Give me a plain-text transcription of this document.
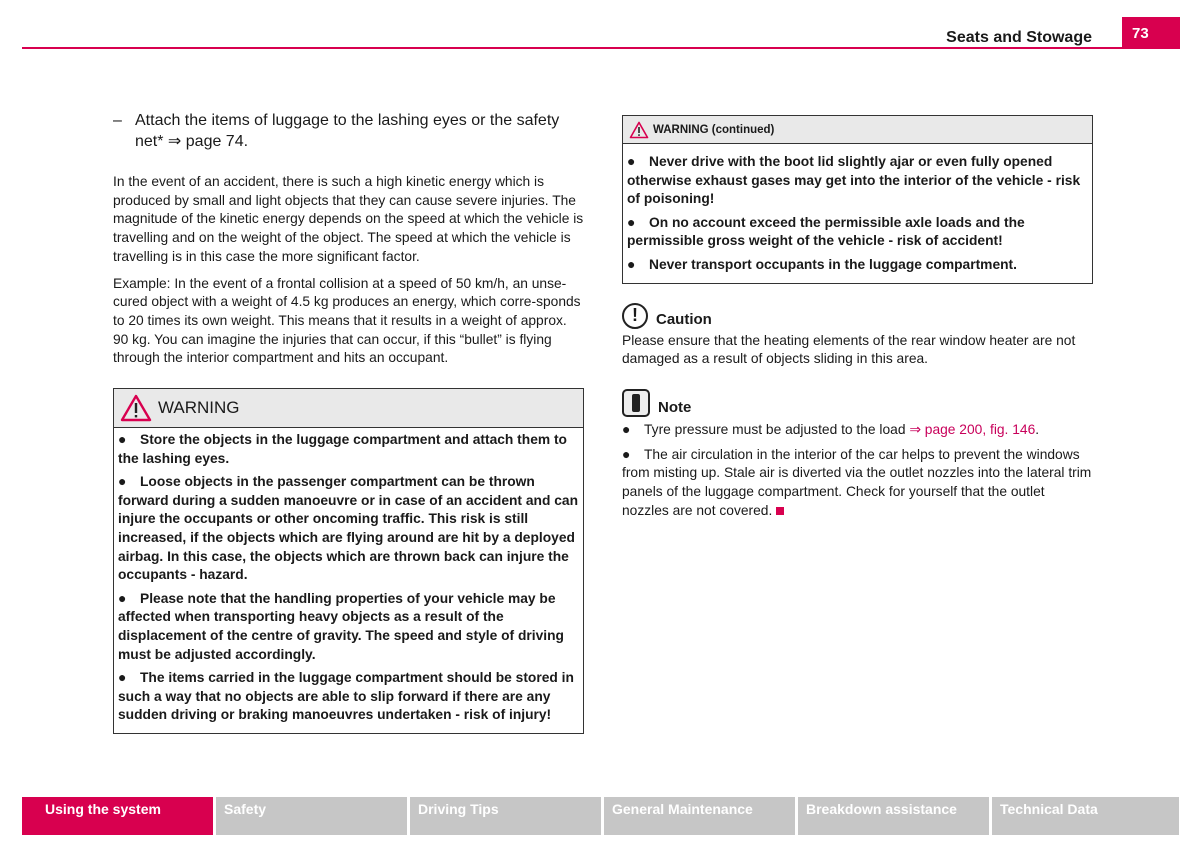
Seats and Stowage	73
– Attach the items of luggage to the lashing eyes or the safety net* ⇒ page 74.

In the event of an accident, there is such a high kinetic energy which is produced by small and light objects that they can cause severe injuries. The magnitude of the kinetic energy depends on the speed at which the vehicle is travelling and on the weight of the object. The speed at which the vehicle is travelling is in this case the more significant factor.

Example: In the event of a frontal collision at a speed of 50 km/h, an unse-cured object with a weight of 4.5 kg produces an energy, which corre-sponds to 20 times its own weight. This means that it results in a weight of approx. 90 kg. You can imagine the injuries that can occur, if this “bullet” is flying through the interior compartment and hits an occupant.

WARNING

● Store the objects in the luggage compartment and attach them to the lashing eyes.

● Loose objects in the passenger compartment can be thrown forward during a sudden manoeuvre or in case of an accident and can injure the occupants or other oncoming traffic. This risk is still increased, if the objects which are flying around are hit by a deployed airbag. In this case, the objects which are thrown back can injure the occupants - hazard.

● Please note that the handling properties of your vehicle may be affected when transporting heavy objects as a result of the displacement of the centre of gravity. The speed and style of driving must be adjusted accordingly.

● The items carried in the luggage compartment should be stored in such a way that no objects are able to slip forward if there are any sudden driving or braking manoeuvres undertaken - risk of injury!

WARNING (continued)

● Never drive with the boot lid slightly ajar or even fully opened otherwise exhaust gases may get into the interior of the vehicle - risk of poisoning!

● On no account exceed the permissible axle loads and the permissible gross weight of the vehicle - risk of accident!

● Never transport occupants in the luggage compartment.

!	Caution

Please ensure that the heating elements of the rear window heater are not damaged as a result of objects sliding in this area.

Note

● Tyre pressure must be adjusted to the load ⇒ page 200, fig. 146.

● The air circulation in the interior of the car helps to prevent the windows from misting up. Stale air is diverted via the outlet nozzles into the lateral trim panels of the luggage compartment. Check for yourself that the outlet nozzles are not covered.

Using the system	Safety	Driving Tips	General Maintenance	Breakdown assistance	Technical Data
